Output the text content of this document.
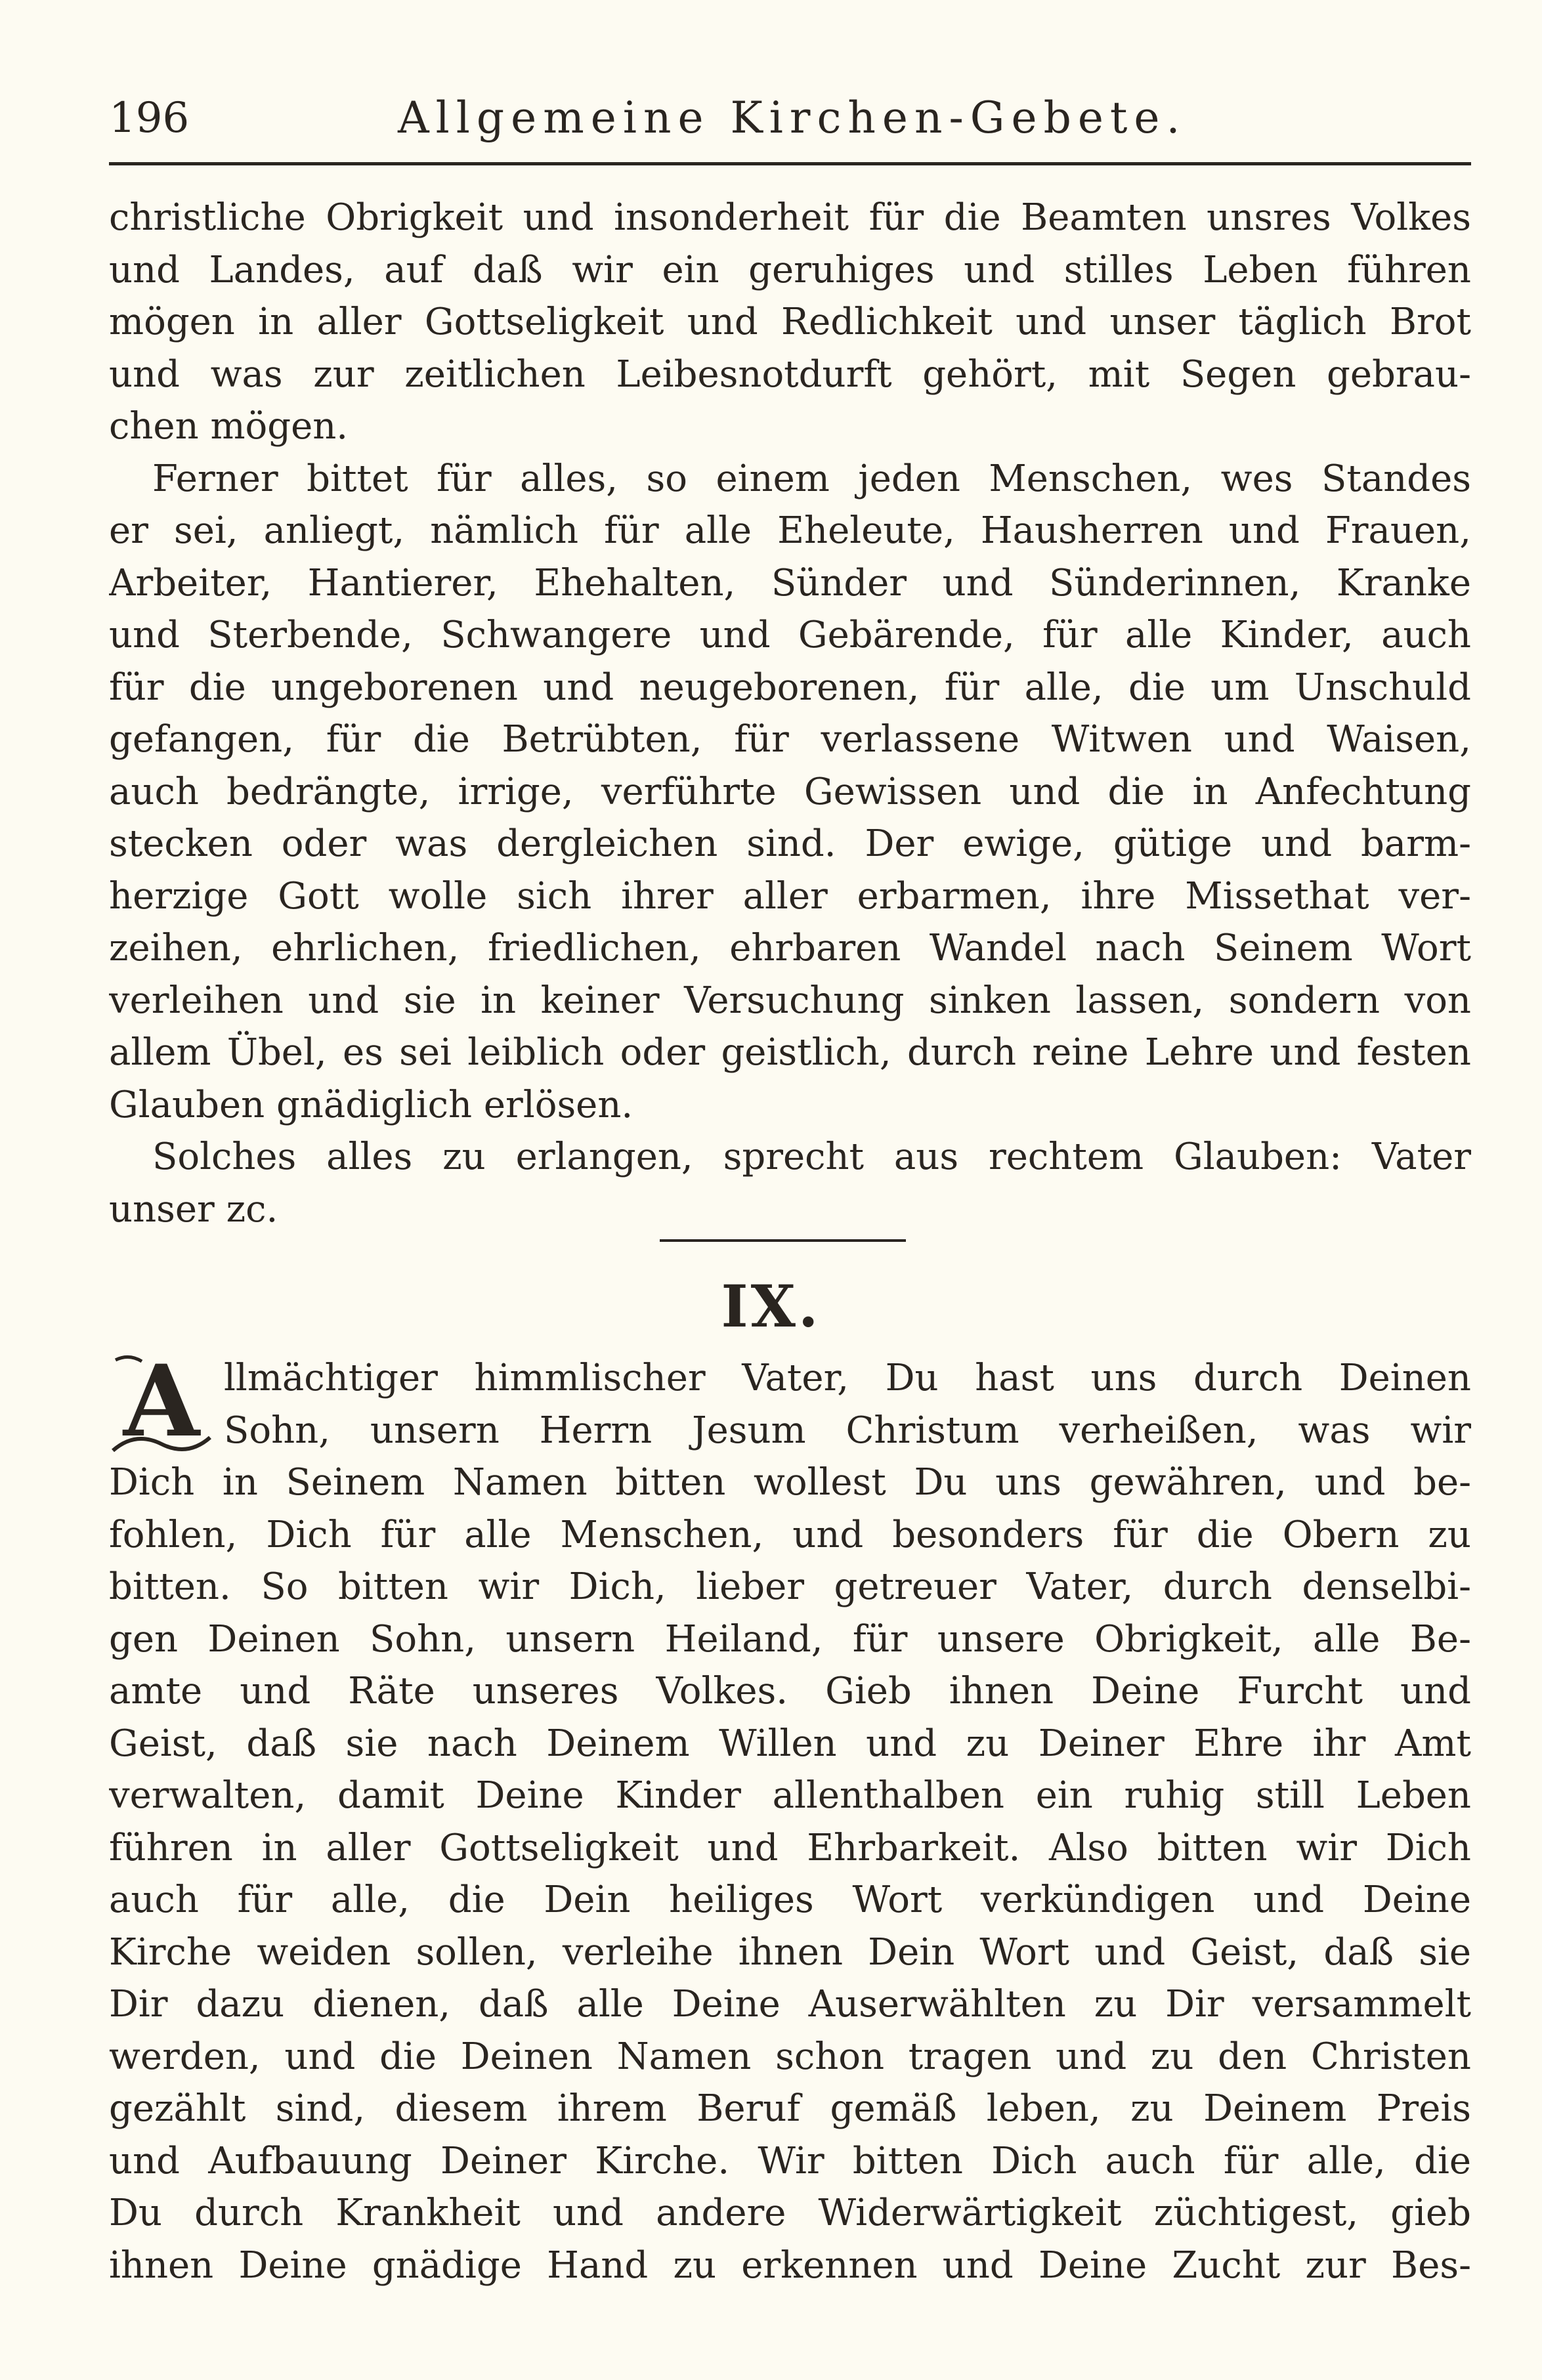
196	Allgemeine Kirchen-Gebete.
christliche Obrigkeit und insonderheit für die Beamten unsres Volkes
und Landes, auf daß wir ein geruhiges und stilles Leben führen
mögen in aller Gottseligkeit und Redlichkeit und unser täglich Brot
und was zur zeitlichen Leibesnotdurft gehört, mit Segen gebrau-
chen mögen.
Ferner bittet für alles, so einem jeden Menschen, wes Standes
er sei, anliegt, nämlich für alle Eheleute, Hausherren und Frauen,
Arbeiter, Hantierer, Ehehalten, Sünder und Sünderinnen, Kranke
und Sterbende, Schwangere und Gebärende, für alle Kinder, auch
für die ungeborenen und neugeborenen, für alle, die um Unschuld
gefangen, für die Betrübten, für verlassene Witwen und Waisen,
auch bedrängte, irrige, verführte Gewissen und die in Anfechtung
stecken oder was dergleichen sind. Der ewige, gütige und barm-
herzige Gott wolle sich ihrer aller erbarmen, ihre Missethat ver-
zeihen, ehrlichen, friedlichen, ehrbaren Wandel nach Seinem Wort
verleihen und sie in keiner Versuchung sinken lassen, sondern von
allem Übel, es sei leiblich oder geistlich, durch reine Lehre und festen
Glauben gnädiglich erlösen.
Solches alles zu erlangen, sprecht aus rechtem Glauben: Vater
unser zc.
IX.
A llmächtiger himmlischer Vater, Du hast uns durch Deinen
Sohn, unsern Herrn Jesum Christum verheißen, was wir
Dich in Seinem Namen bitten wollest Du uns gewähren, und be-
fohlen, Dich für alle Menschen, und besonders für die Obern zu
bitten. So bitten wir Dich, lieber getreuer Vater, durch denselbi-
gen Deinen Sohn, unsern Heiland, für unsere Obrigkeit, alle Be-
amte und Räte unseres Volkes. Gieb ihnen Deine Furcht und
Geist, daß sie nach Deinem Willen und zu Deiner Ehre ihr Amt
verwalten, damit Deine Kinder allenthalben ein ruhig still Leben
führen in aller Gottseligkeit und Ehrbarkeit. Also bitten wir Dich
auch für alle, die Dein heiliges Wort verkündigen und Deine
Kirche weiden sollen, verleihe ihnen Dein Wort und Geist, daß sie
Dir dazu dienen, daß alle Deine Auserwählten zu Dir versammelt
werden, und die Deinen Namen schon tragen und zu den Christen
gezählt sind, diesem ihrem Beruf gemäß leben, zu Deinem Preis
und Aufbauung Deiner Kirche. Wir bitten Dich auch für alle, die
Du durch Krankheit und andere Widerwärtigkeit züchtigest, gieb
ihnen Deine gnädige Hand zu erkennen und Deine Zucht zur Bes-
